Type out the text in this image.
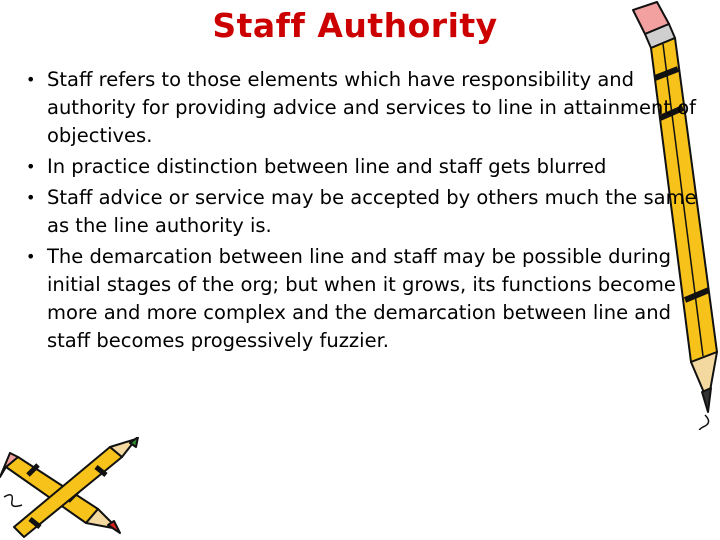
Staff Authority
• Staff refers to those elements which have responsibility and authority for providing advice and services to line in attainment of objectives.
• In practice distinction between line and staff gets blurred
• Staff advice or service may be accepted by others much the same as the line authority is.
• The demarcation between line and staff may be possible during initial stages of the org; but when it grows, its functions become more and more complex and the demarcation between line and staff becomes progessively fuzzier.
